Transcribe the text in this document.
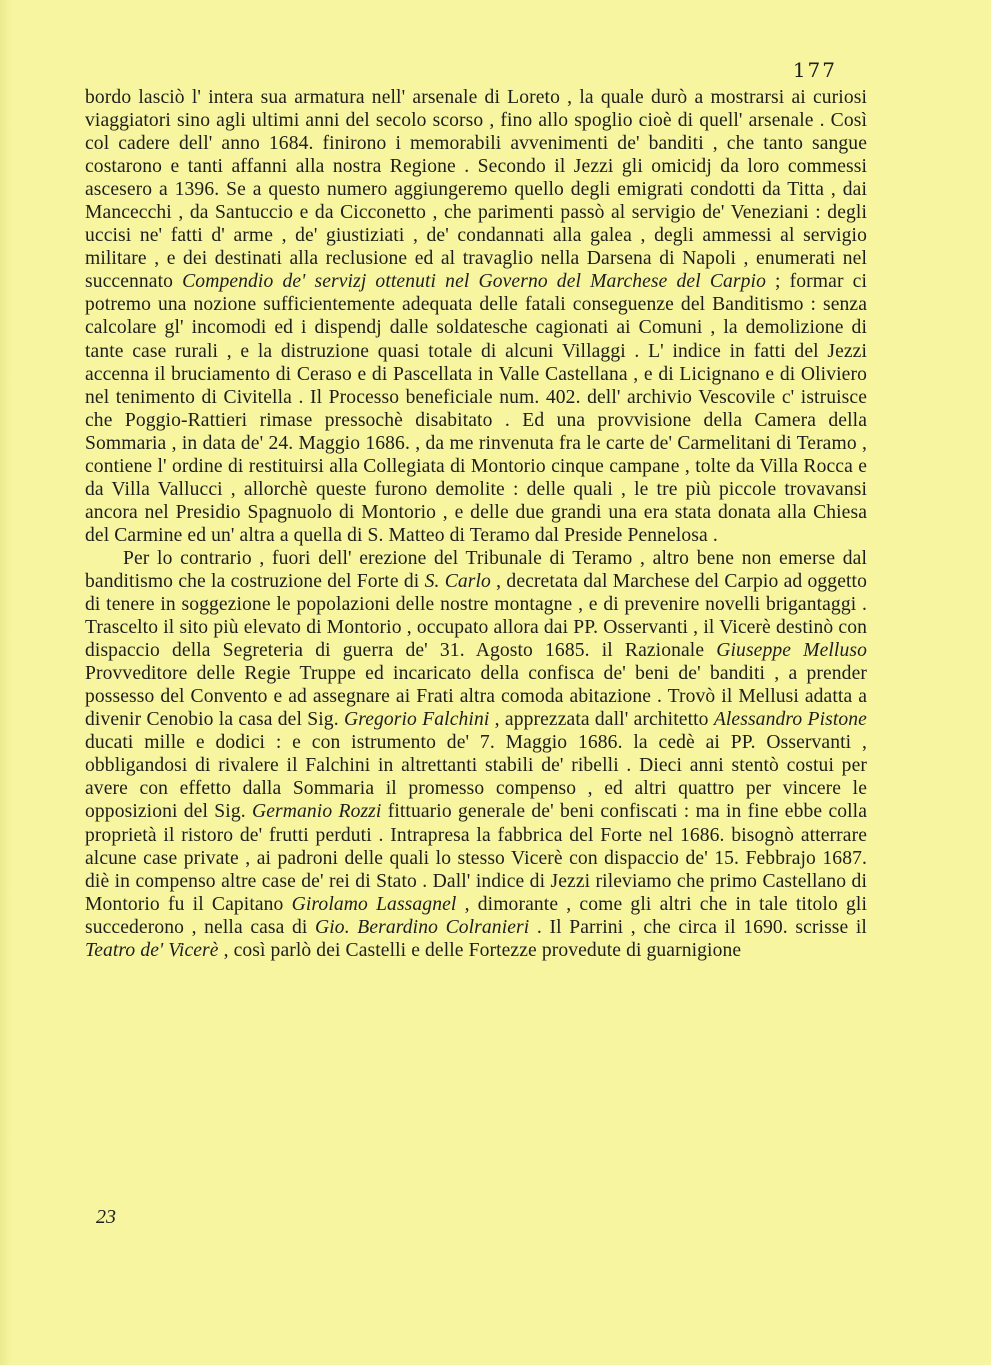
177

bordo lasciò l' intera sua armatura nell' arsenale di Loreto , la quale durò a mostrarsi ai curiosi viaggiatori sino agli ultimi anni del secolo scorso , fino allo spoglio cioè di quell' arsenale . Così col cadere dell' anno 1684. finirono i memorabili avvenimenti de' banditi , che tanto sangue costarono e tanti affanni alla nostra Regione . Secondo il Jezzi gli omicidj da loro commessi ascesero a 1396. Se a questo numero aggiungeremo quello degli emigrati condotti da Titta , dai Mancecchi , da Santuccio e da Cicconetto , che parimenti passò al servigio de' Veneziani : degli uccisi ne' fatti d' arme , de' giustiziati , de' condannati alla galea , degli ammessi al servigio militare , e dei destinati alla reclusione ed al travaglio nella Darsena di Napoli , enumerati nel succennato Compendio de' servizj ottenuti nel Governo del Marchese del Carpio ; formar ci potremo una nozione sufficientemente adequata delle fatali conseguenze del Banditismo : senza calcolare gl' incomodi ed i dispendj dalle soldatesche cagionati ai Comuni , la demolizione di tante case rurali , e la distruzione quasi totale di alcuni Villaggi . L' indice in fatti del Jezzi accenna il bruciamento di Ceraso e di Pascellata in Valle Castellana , e di Licignano e di Oliviero nel tenimento di Civitella . Il Processo beneficiale num. 402. dell' archivio Vescovile c' istruisce che Poggio-Rattieri rimase pressochè disabitato . Ed una provvisione della Camera della Sommaria , in data de' 24. Maggio 1686. , da me rinvenuta fra le carte de' Carmelitani di Teramo , contiene l' ordine di restituirsi alla Collegiata di Montorio cinque campane , tolte da Villa Rocca e da Villa Vallucci , allorchè queste furono demolite : delle quali , le tre più piccole trovavansi ancora nel Presidio Spagnuolo di Montorio , e delle due grandi una era stata donata alla Chiesa del Carmine ed un' altra a quella di S. Matteo di Teramo dal Preside Pennelosa .

Per lo contrario , fuori dell' erezione del Tribunale di Teramo , altro bene non emerse dal banditismo che la costruzione del Forte di S. Carlo , decretata dal Marchese del Carpio ad oggetto di tenere in soggezione le popolazioni delle nostre montagne , e di prevenire novelli brigantaggi . Trascelto il sito più elevato di Montorio , occupato allora dai PP. Osservanti , il Vicerè destinò con dispaccio della Segreteria di guerra de' 31. Agosto 1685. il Razionale Giuseppe Melluso Provveditore delle Regie Truppe ed incaricato della confisca de' beni de' banditi , a prender possesso del Convento e ad assegnare ai Frati altra comoda abitazione . Trovò il Mellusi adatta a divenir Cenobio la casa del Sig. Gregorio Falchini , apprezzata dall' architetto Alessandro Pistone ducati mille e dodici : e con istrumento de' 7. Maggio 1686. la cedè ai PP. Osservanti , obbligandosi di rivalere il Falchini in altrettanti stabili de' ribelli . Dieci anni stentò costui per avere con effetto dalla Sommaria il promesso compenso , ed altri quattro per vincere le opposizioni del Sig. Germanio Rozzi fittuario generale de' beni confiscati : ma in fine ebbe colla proprietà il ristoro de' frutti perduti . Intrapresa la fabbrica del Forte nel 1686. bisognò atterrare alcune case private , ai padroni delle quali lo stesso Vicerè con dispaccio de' 15. Febbrajo 1687. diè in compenso altre case de' rei di Stato . Dall' indice di Jezzi rileviamo che primo Castellano di Montorio fu il Capitano Girolamo Lassagnel , dimorante , come gli altri che in tale titolo gli succederono , nella casa di Gio. Berardino Colranieri . Il Parrini , che circa il 1690. scrisse il Teatro de' Vicerè , così parlò dei Castelli e delle Fortezze provedute di guarnigione

23
